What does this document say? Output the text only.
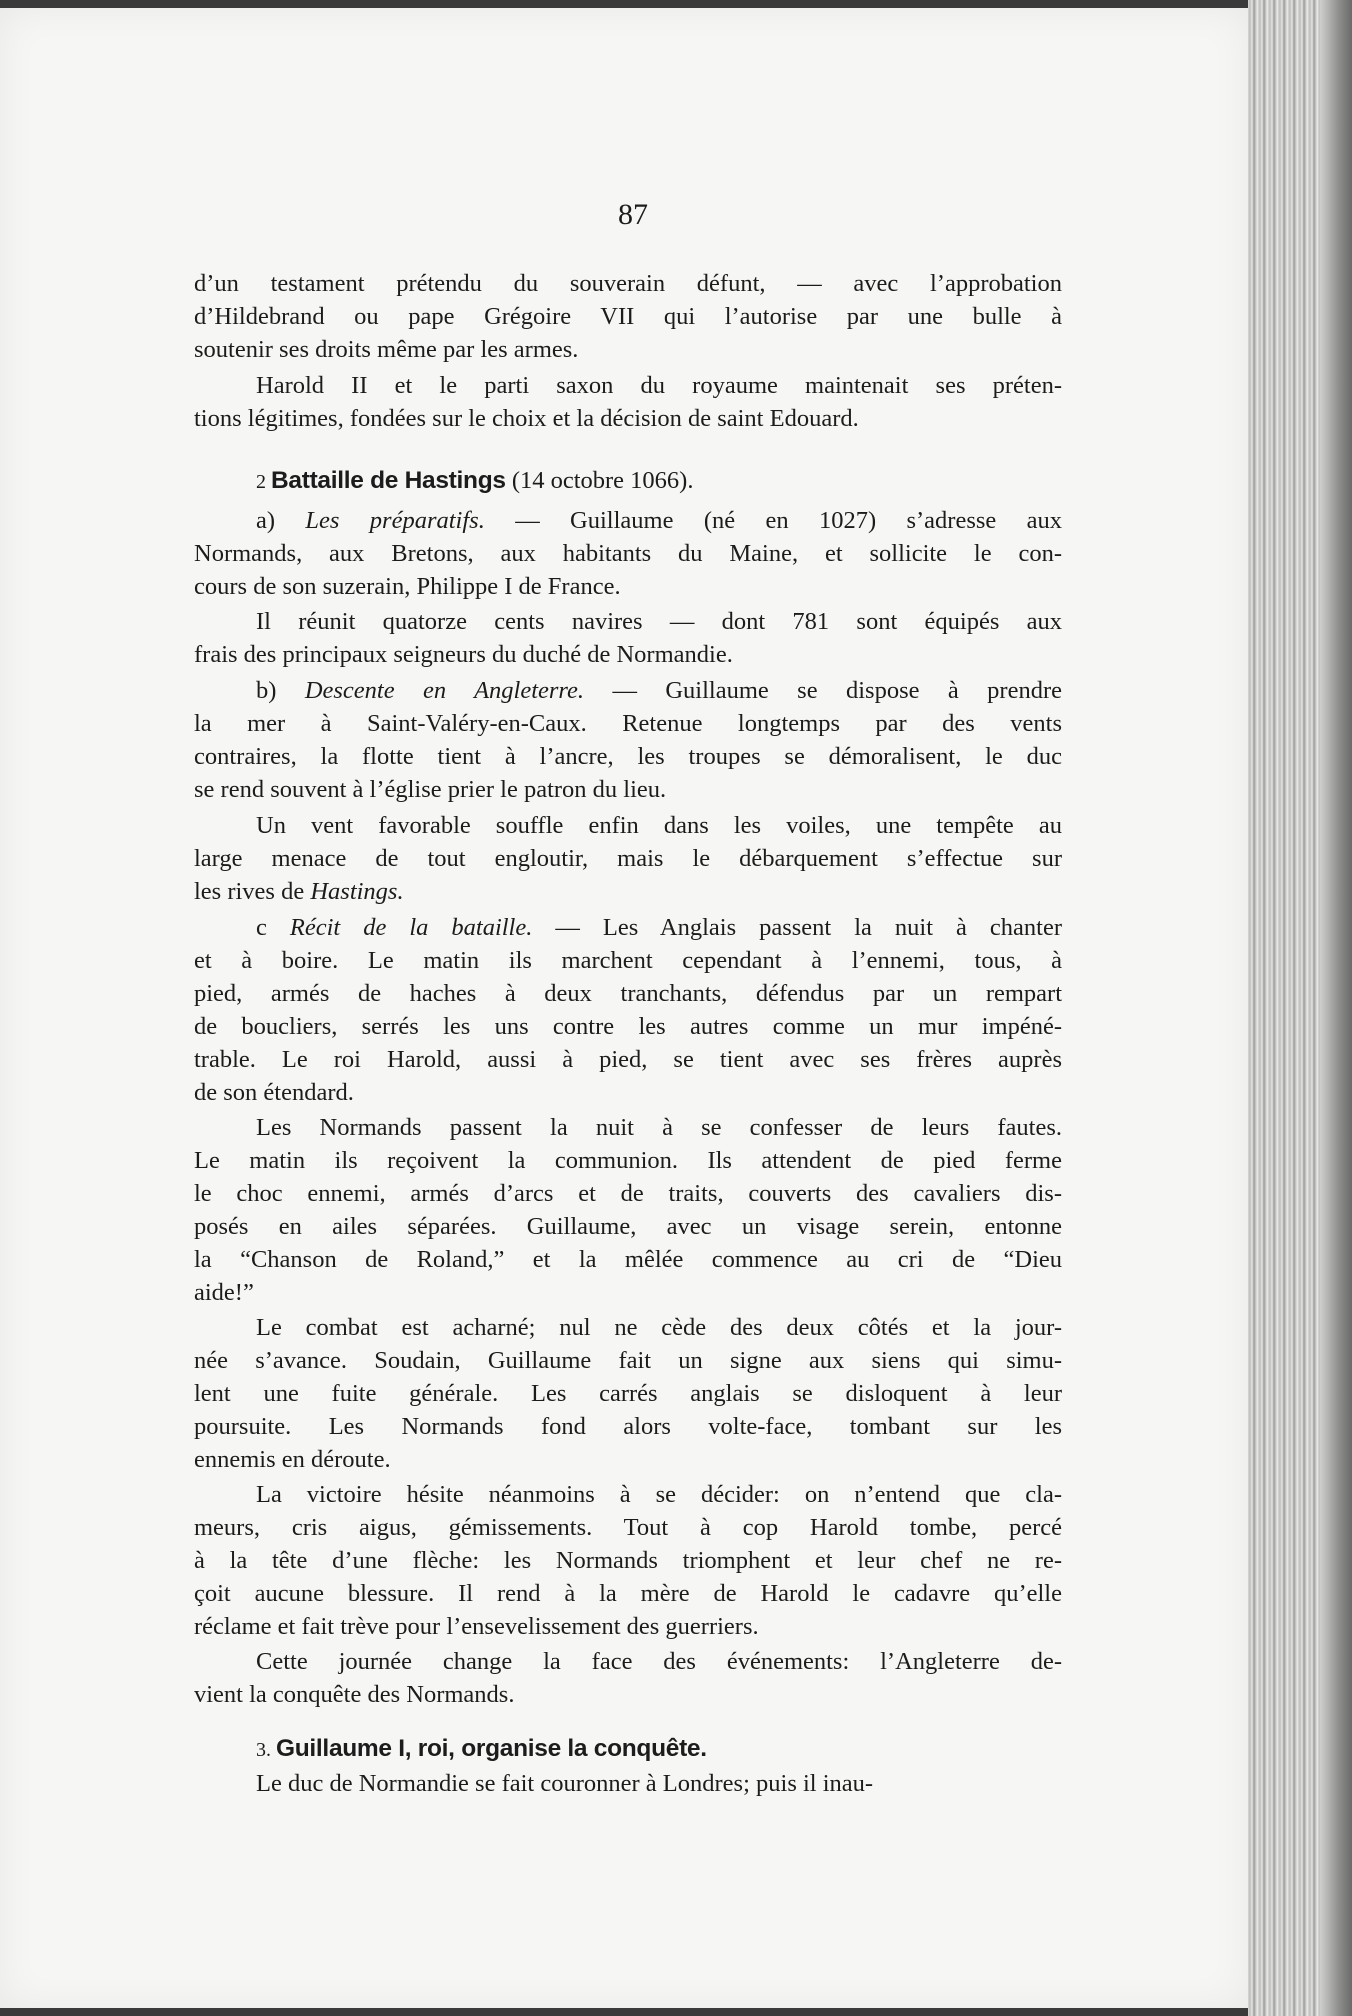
87
d’un testament prétendu du souverain défunt, — avec l’approbation
d’Hildebrand ou pape Grégoire VII qui l’autorise par une bulle à
soutenir ses droits même par les armes.
Harold II et le parti saxon du royaume maintenait ses préten-
tions légitimes, fondées sur le choix et la décision de saint Edouard.
2 Battaille de Hastings (14 octobre 1066).
a) Les préparatifs. — Guillaume (né en 1027) s’adresse aux
Normands, aux Bretons, aux habitants du Maine, et sollicite le con-
cours de son suzerain, Philippe I de France.
Il réunit quatorze cents navires — dont 781 sont équipés aux
frais des principaux seigneurs du duché de Normandie.
b) Descente en Angleterre. — Guillaume se dispose à prendre
la mer à Saint-Valéry-en-Caux. Retenue longtemps par des vents
contraires, la flotte tient à l’ancre, les troupes se démoralisent, le duc
se rend souvent à l’église prier le patron du lieu.
Un vent favorable souffle enfin dans les voiles, une tempête au
large menace de tout engloutir, mais le débarquement s’effectue sur
les rives de Hastings.
c Récit de la bataille. — Les Anglais passent la nuit à chanter
et à boire. Le matin ils marchent cependant à l’ennemi, tous, à
pied, armés de haches à deux tranchants, défendus par un rempart
de boucliers, serrés les uns contre les autres comme un mur impéné-
trable. Le roi Harold, aussi à pied, se tient avec ses frères auprès
de son étendard.
Les Normands passent la nuit à se confesser de leurs fautes.
Le matin ils reçoivent la communion. Ils attendent de pied ferme
le choc ennemi, armés d’arcs et de traits, couverts des cavaliers dis-
posés en ailes séparées. Guillaume, avec un visage serein, entonne
la “Chanson de Roland,” et la mêlée commence au cri de “Dieu
aide!”
Le combat est acharné; nul ne cède des deux côtés et la jour-
née s’avance. Soudain, Guillaume fait un signe aux siens qui simu-
lent une fuite générale. Les carrés anglais se disloquent à leur
poursuite. Les Normands fond alors volte-face, tombant sur les
ennemis en déroute.
La victoire hésite néanmoins à se décider: on n’entend que cla-
meurs, cris aigus, gémissements. Tout à cop Harold tombe, percé
à la tête d’une flèche: les Normands triomphent et leur chef ne re-
çoit aucune blessure. Il rend à la mère de Harold le cadavre qu’elle
réclame et fait trève pour l’ensevelissement des guerriers.
Cette journée change la face des événements: l’Angleterre de-
vient la conquête des Normands.
3. Guillaume I, roi, organise la conquête.
Le duc de Normandie se fait couronner à Londres; puis il inau-
